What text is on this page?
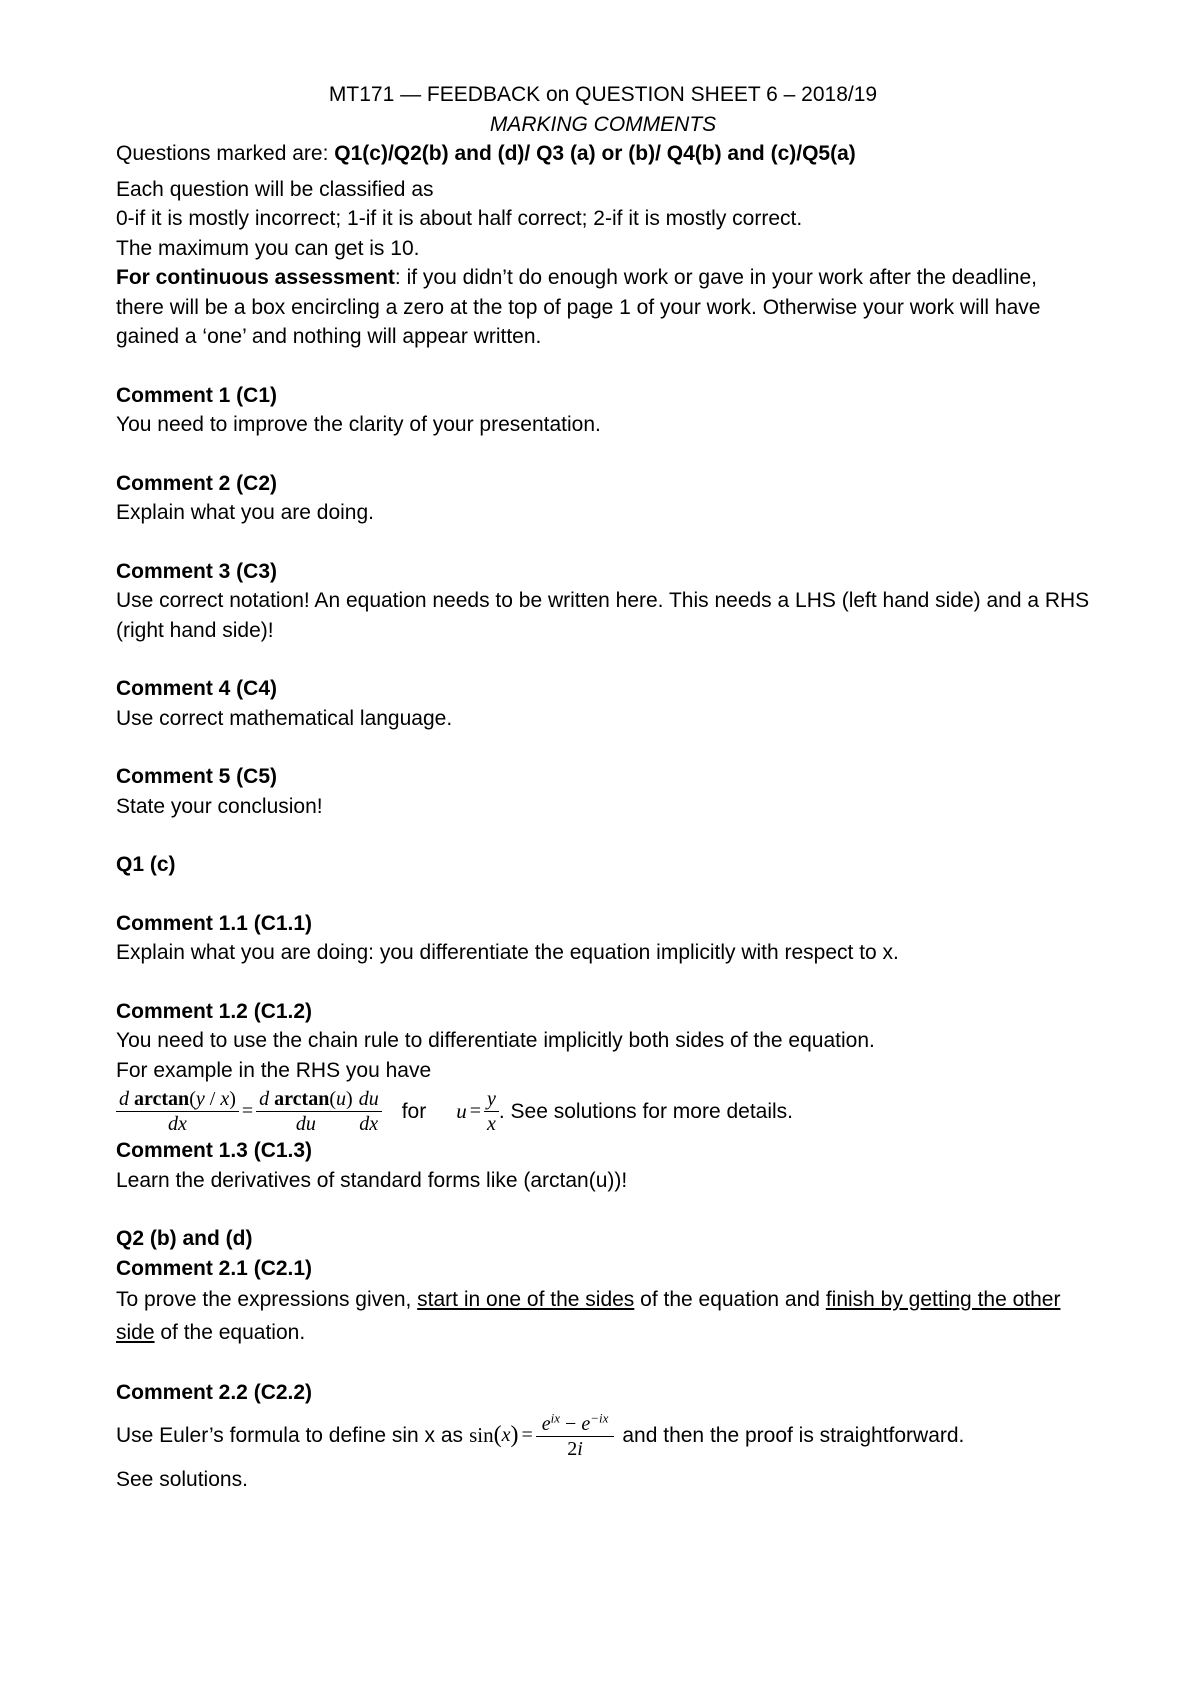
MT171 — FEEDBACK on QUESTION SHEET 6 – 2018/19
MARKING COMMENTS
Questions marked are: Q1(c)/Q2(b) and (d)/ Q3 (a) or (b)/ Q4(b) and (c)/Q5(a)
Each question will be classified as
0-if it is mostly incorrect; 1-if it is about half correct; 2-if it is mostly correct.
The maximum you can get is 10.
For continuous assessment: if you didn’t do enough work or gave in your work after the deadline, there will be a box encircling a zero at the top of page 1 of your work. Otherwise your work will have gained a ‘one’ and nothing will appear written.
Comment 1 (C1)
You need to improve the clarity of your presentation.
Comment 2 (C2)
Explain what you are doing.
Comment 3 (C3)
Use correct notation! An equation needs to be written here. This needs a LHS (left hand side) and a RHS (right hand side)!
Comment 4 (C4)
Use correct mathematical language.
Comment 5 (C5)
State your conclusion!
Q1 (c)
Comment 1.1 (C1.1)
Explain what you are doing: you differentiate the equation implicitly with respect to x.
Comment 1.2 (C1.2)
You need to use the chain rule to differentiate implicitly both sides of the equation.
For example in the RHS you have
$\frac{\text{d arctan(y / x)}}{dx} = \frac{\text{d arctan(u)}}{du} \frac{du}{dx}$ for $u = \frac{y}{x}$ . See solutions for more details.
Comment 1.3 (C1.3)
Learn the derivatives of standard forms like (arctan(u))!
Q2 (b) and (d)
Comment 2.1 (C2.1)
To prove the expressions given, start in one of the sides of the equation and finish by getting the other side of the equation.
Comment 2.2 (C2.2)
Use Euler’s formula to define sin x as sin ( x ) = $\frac{e^{ix} - e^{-ix}}{2i}$ and then the proof is straightforward.
See solutions.
